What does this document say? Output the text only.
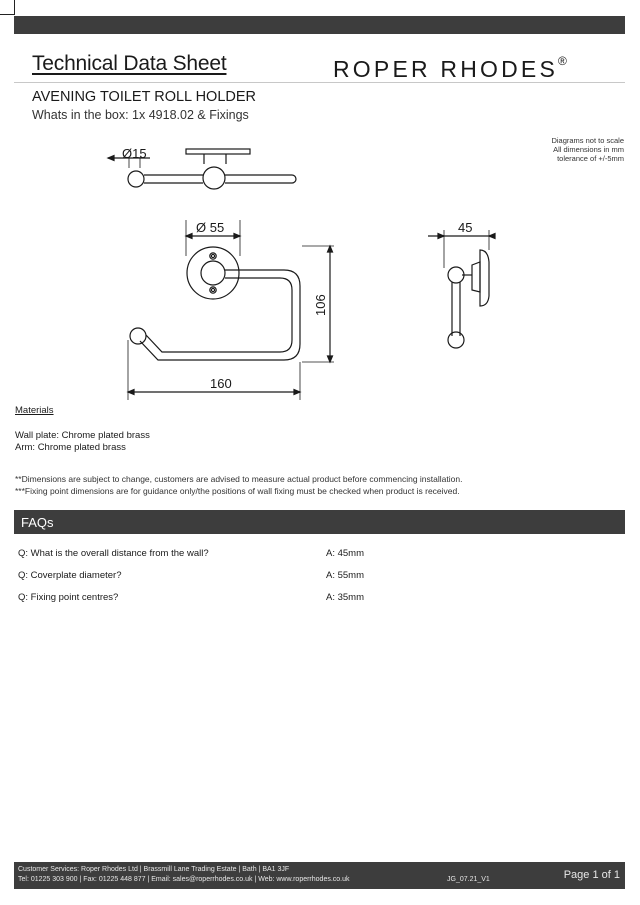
Technical Data Sheet	ROPER RHODES®
AVENING TOILET ROLL HOLDER
Whats in the box: 1x 4918.02 & Fixings
Diagrams not to scale
All dimensions in mm
tolerance of +/-5mm
Ø15
Ø 55	45
106
160
Materials
Wall plate: Chrome plated brass
Arm: Chrome plated brass
**Dimensions are subject to change, customers are advised to measure actual product before commencing installation.
***Fixing point dimensions are for guidance only/the positions of wall fixing must be checked when product is received.
FAQs
Q: What is the overall distance from the wall?	A: 45mm
Q: Coverplate diameter?	A: 55mm
Q: Fixing point centres?	A: 35mm
Customer Services: Roper Rhodes Ltd | Brassmill Lane Trading Estate | Bath | BA1 3JF
Tel: 01225 303 900 | Fax: 01225 448 877 | Email: sales@roperrhodes.co.uk | Web: www.roperrhodes.co.uk	JG_07.21_V1	Page 1 of 1
